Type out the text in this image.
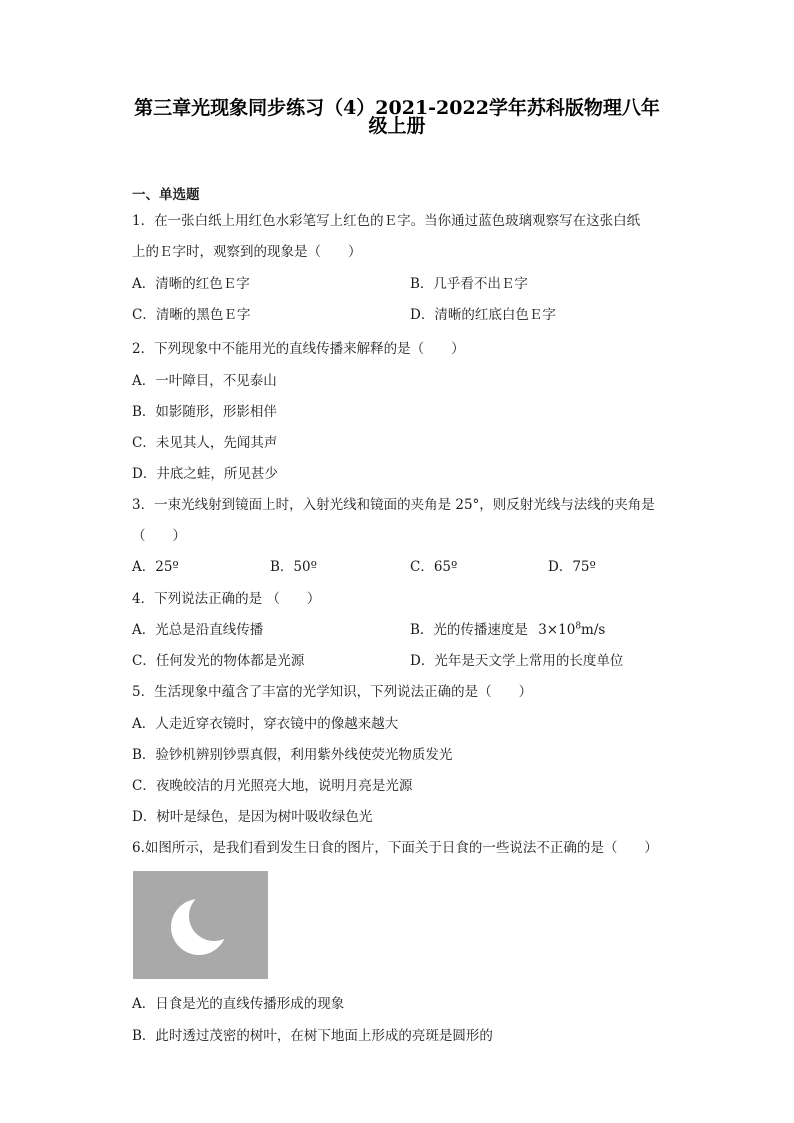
第三章光现象同步练习（4）2021-2022学年苏科版物理八年
级上册
一、单选题
1．在一张白纸上用红色水彩笔写上红色的Ｅ字。当你通过蓝色玻璃观察写在这张白纸
上的Ｅ字时，观察到的现象是（　　）
A．清晰的红色Ｅ字	B．几乎看不出Ｅ字
C．清晰的黑色Ｅ字	D．清晰的红底白色Ｅ字
2．下列现象中不能用光的直线传播来解释的是（　　）
A．一叶障目，不见泰山
B．如影随形，形影相伴
C．未见其人，先闻其声
D．井底之蛙，所见甚少
3．一束光线射到镜面上时，入射光线和镜面的夹角是 25°，则反射光线与法线的夹角是
（　　）
A．25º	B．50º	C．65º	D．75º
4．下列说法正确的是 （　　）
A．光总是沿直线传播	B．光的传播速度是 $3\times 10^8m/s$
C．任何发光的物体都是光源	D．光年是天文学上常用的长度单位
5．生活现象中蕴含了丰富的光学知识，下列说法正确的是（　　）
A．人走近穿衣镜时，穿衣镜中的像越来越大
B．验钞机辨别钞票真假，利用紫外线使荧光物质发光
C．夜晚皎洁的月光照亮大地，说明月亮是光源
D．树叶是绿色，是因为树叶吸收绿色光
6.如图所示，是我们看到发生日食的图片，下面关于日食的一些说法不正确的是（　　）
A．日食是光的直线传播形成的现象
B．此时透过茂密的树叶，在树下地面上形成的亮斑是圆形的
